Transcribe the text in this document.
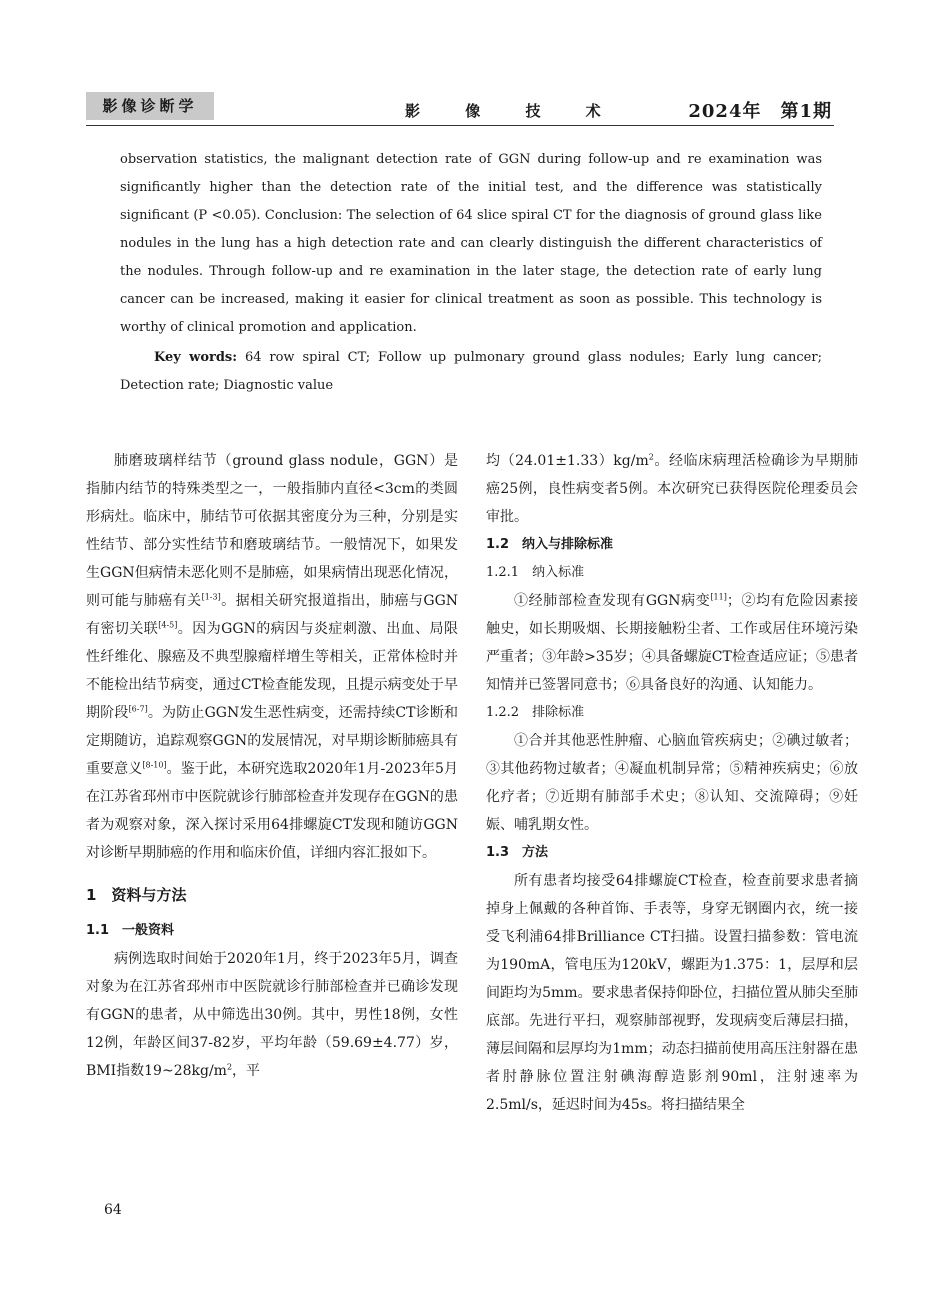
影像诊断学	影 像 技 术	2024年　第1期

observation statistics, the malignant detection rate of GGN during follow-up and re examination was significantly higher than the detection rate of the initial test, and the difference was statistically significant (P <0.05). Conclusion: The selection of 64 slice spiral CT for the diagnosis of ground glass like nodules in the lung has a high detection rate and can clearly distinguish the different characteristics of the nodules. Through follow-up and re examination in the later stage, the detection rate of early lung cancer can be increased, making it easier for clinical treatment as soon as possible. This technology is worthy of clinical promotion and application.

Key words: 64 row spiral CT; Follow up pulmonary ground glass nodules; Early lung cancer; Detection rate; Diagnostic value

肺磨玻璃样结节（ground glass nodule，GGN）是指肺内结节的特殊类型之一，一般指肺内直径<3cm的类圆形病灶。临床中，肺结节可依据其密度分为三种，分别是实性结节、部分实性结节和磨玻璃结节。一般情况下，如果发生GGN但病情未恶化则不是肺癌，如果病情出现恶化情况，则可能与肺癌有关[1-3]。据相关研究报道指出，肺癌与GGN有密切关联[4-5]。因为GGN的病因与炎症刺激、出血、局限性纤维化、腺癌及不典型腺瘤样增生等相关，正常体检时并不能检出结节病变，通过CT检查能发现，且提示病变处于早期阶段[6-7]。为防止GGN发生恶性病变，还需持续CT诊断和定期随访，追踪观察GGN的发展情况，对早期诊断肺癌具有重要意义[8-10]。鉴于此，本研究选取2020年1月-2023年5月在江苏省邳州市中医院就诊行肺部检查并发现存在GGN的患者为观察对象，深入探讨采用64排螺旋CT发现和随访GGN对诊断早期肺癌的作用和临床价值，详细内容汇报如下。

1　资料与方法

1.1　一般资料

病例选取时间始于2020年1月，终于2023年5月，调查对象为在江苏省邳州市中医院就诊行肺部检查并已确诊发现有GGN的患者，从中筛选出30例。其中，男性18例，女性12例，年龄区间37-82岁，平均年龄（59.69±4.77）岁，BMI指数$19\sim 28kg/m^2$，平

均$(24.01\pm 1.33)kg/m^2$。经临床病理活检确诊为早期肺癌25例，良性病变者5例。本次研究已获得医院伦理委员会审批。

1.2　纳入与排除标准

1.2.1　纳入标准

①经肺部检查发现有GGN病变[11]；②均有危险因素接触史，如长期吸烟、长期接触粉尘者、工作或居住环境污染严重者；③年龄>35岁；④具备螺旋CT检查适应证；⑤患者知情并已签署同意书；⑥具备良好的沟通、认知能力。

1.2.2　排除标准

①合并其他恶性肿瘤、心脑血管疾病史；②碘过敏者；③其他药物过敏者；④凝血机制异常；⑤精神疾病史；⑥放化疗者；⑦近期有肺部手术史；⑧认知、交流障碍；⑨妊娠、哺乳期女性。

1.3　方法

所有患者均接受64排螺旋CT检查，检查前要求患者摘掉身上佩戴的各种首饰、手表等，身穿无钢圈内衣，统一接受飞利浦64排Brilliance CT扫描。设置扫描参数：管电流为190mA，管电压为120kV，螺距为1.375：1，层厚和层间距均为5mm。要求患者保持仰卧位，扫描位置从肺尖至肺底部。先进行平扫，观察肺部视野，发现病变后薄层扫描，薄层间隔和层厚均为1mm；动态扫描前使用高压注射器在患者肘静脉位置注射碘海醇造影剂90ml，注射速率为2.5ml/s，延迟时间为45s。将扫描结果全

64
